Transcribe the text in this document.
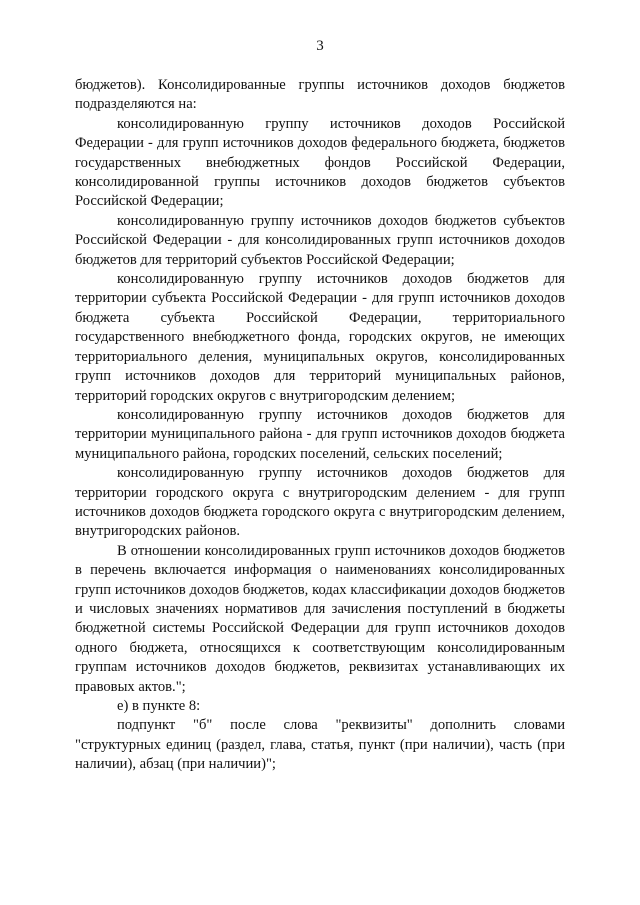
3

бюджетов). Консолидированные группы источников доходов бюджетов подразделяются на:

консолидированную группу источников доходов Российской Федерации - для групп источников доходов федерального бюджета, бюджетов государственных внебюджетных фондов Российской Федерации, консолидированной группы источников доходов бюджетов субъектов Российской Федерации;

консолидированную группу источников доходов бюджетов субъектов Российской Федерации - для консолидированных групп источников доходов бюджетов для территорий субъектов Российской Федерации;

консолидированную группу источников доходов бюджетов для территории субъекта Российской Федерации - для групп источников доходов бюджета субъекта Российской Федерации, территориального государственного внебюджетного фонда, городских округов, не имеющих территориального деления, муниципальных округов, консолидированных групп источников доходов для территорий муниципальных районов, территорий городских округов с внутригородским делением;

консолидированную группу источников доходов бюджетов для территории муниципального района - для групп источников доходов бюджета муниципального района, городских поселений, сельских поселений;

консолидированную группу источников доходов бюджетов для территории городского округа с внутригородским делением - для групп источников доходов бюджета городского округа с внутригородским делением, внутригородских районов.

В отношении консолидированных групп источников доходов бюджетов в перечень включается информация о наименованиях консолидированных групп источников доходов бюджетов, кодах классификации доходов бюджетов и числовых значениях нормативов для зачисления поступлений в бюджеты бюджетной системы Российской Федерации для групп источников доходов одного бюджета, относящихся к соответствующим консолидированным группам источников доходов бюджетов, реквизитах устанавливающих их правовых актов.";

е) в пункте 8:

подпункт "б" после слова "реквизиты" дополнить словами "структурных единиц (раздел, глава, статья, пункт (при наличии), часть (при наличии), абзац (при наличии)";
